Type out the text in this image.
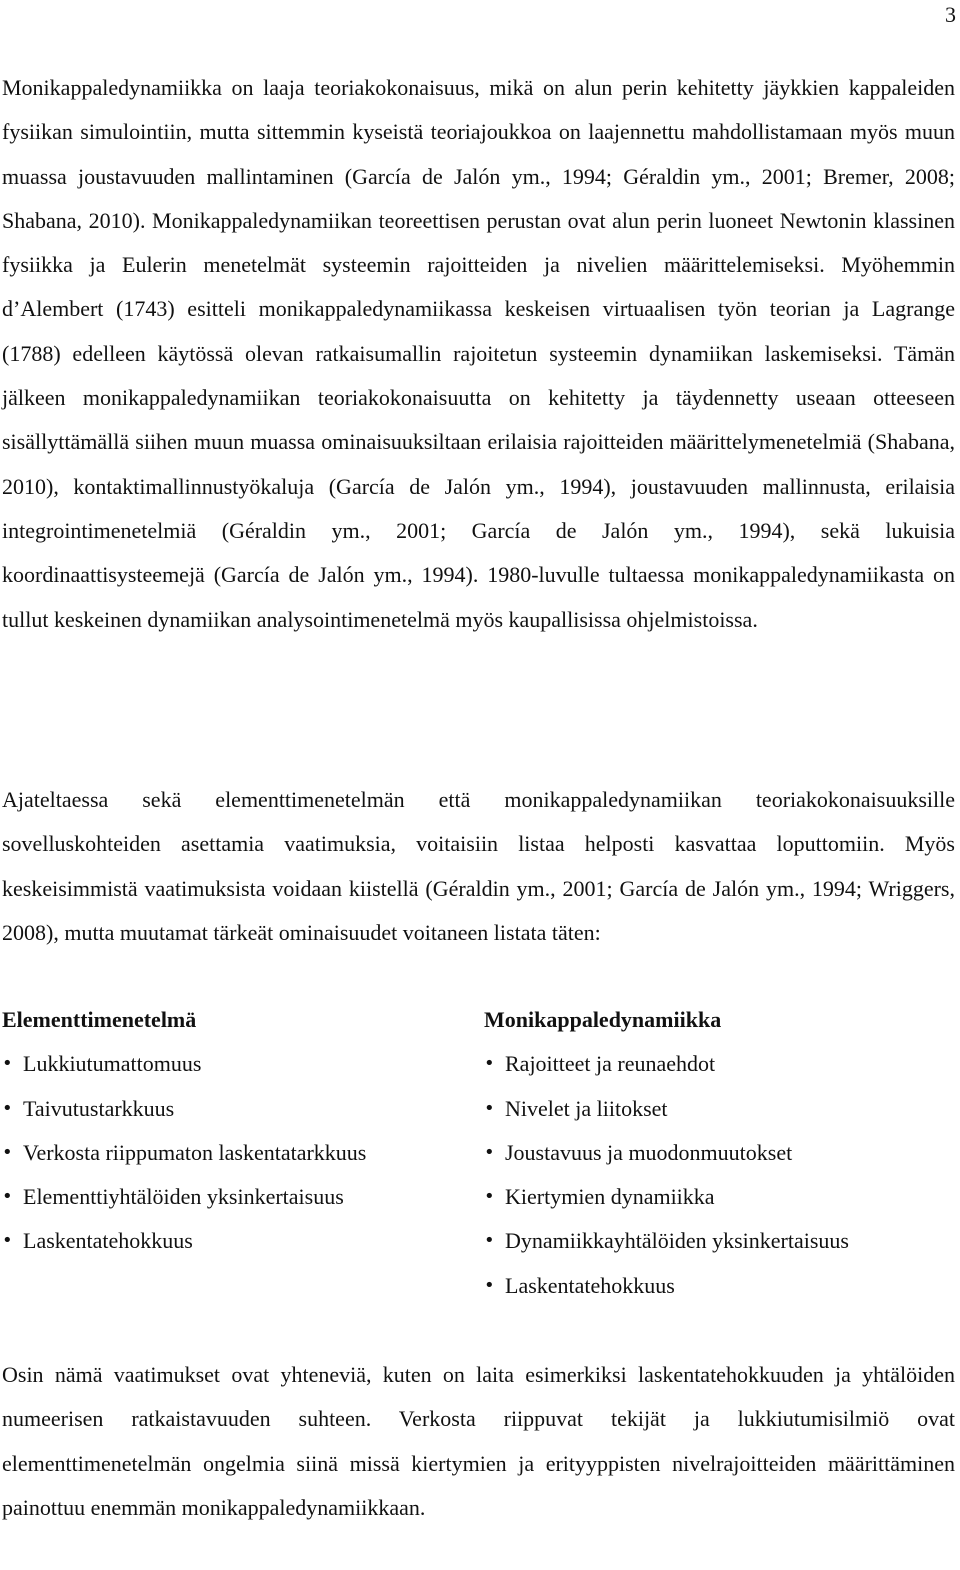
3

Monikappaledynamiikka on laaja teoriakokonaisuus, mikä on alun perin kehitetty jäykkien kappaleiden fysiikan simulointiin, mutta sittemmin kyseistä teoriajoukkoa on laajennettu mahdollistamaan myös muun muassa joustavuuden mallintaminen (García de Jalón ym., 1994; Géraldin ym., 2001; Bremer, 2008; Shabana, 2010). Monikappaledynamiikan teoreettisen perustan ovat alun perin luoneet Newtonin klassinen fysiikka ja Eulerin menetelmät systeemin rajoitteiden ja nivelien määrittelemiseksi. Myöhemmin d’Alembert (1743) esitteli monikappaledynamiikassa keskeisen virtuaalisen työn teorian ja Lagrange (1788) edelleen käytössä olevan ratkaisumallin rajoitetun systeemin dynamiikan laskemiseksi. Tämän jälkeen monikappaledynamiikan teoriakokonaisuutta on kehitetty ja täydennetty useaan otteeseen sisällyttämällä siihen muun muassa ominaisuuksiltaan erilaisia rajoitteiden määrittelymenetelmiä (Shabana, 2010), kontaktimallinnustyökaluja (García de Jalón ym., 1994), joustavuuden mallinnusta, erilaisia integrointimenetelmiä (Géraldin ym., 2001; García de Jalón ym., 1994), sekä lukuisia koordinaattisysteemejä (García de Jalón ym., 1994). 1980-luvulle tultaessa monikappaledynamiikasta on tullut keskeinen dynamiikan analysointimenetelmä myös kaupallisissa ohjelmistoissa.

Ajateltaessa sekä elementtimenetelmän että monikappaledynamiikan teoriakokonaisuuksille sovelluskohteiden asettamia vaatimuksia, voitaisiin listaa helposti kasvattaa loputtomiin. Myös keskeisimmistä vaatimuksista voidaan kiistellä (Géraldin ym., 2001; García de Jalón ym., 1994; Wriggers, 2008), mutta muutamat tärkeät ominaisuudet voitaneen listata täten:

Elementtimenetelmä
• Lukkiutumattomuus
• Taivutustarkkuus
• Verkosta riippumaton laskentatarkkuus
• Elementtiyhtälöiden yksinkertaisuus
• Laskentatehokkuus
Monikappaledynamiikka
• Rajoitteet ja reunaehdot
• Nivelet ja liitokset
• Joustavuus ja muodonmuutokset
• Kiertymien dynamiikka
• Dynamiikkayhtälöiden yksinkertaisuus
• Laskentatehokkuus

Osin nämä vaatimukset ovat yhteneviä, kuten on laita esimerkiksi laskentatehokkuuden ja yhtälöiden numeerisen ratkaistavuuden suhteen. Verkosta riippuvat tekijät ja lukkiutumisilmiö ovat elementtimenetelmän ongelmia siinä missä kiertymien ja erityyppisten nivelrajoitteiden määrittäminen painottuu enemmän monikappaledynamiikkaan.
